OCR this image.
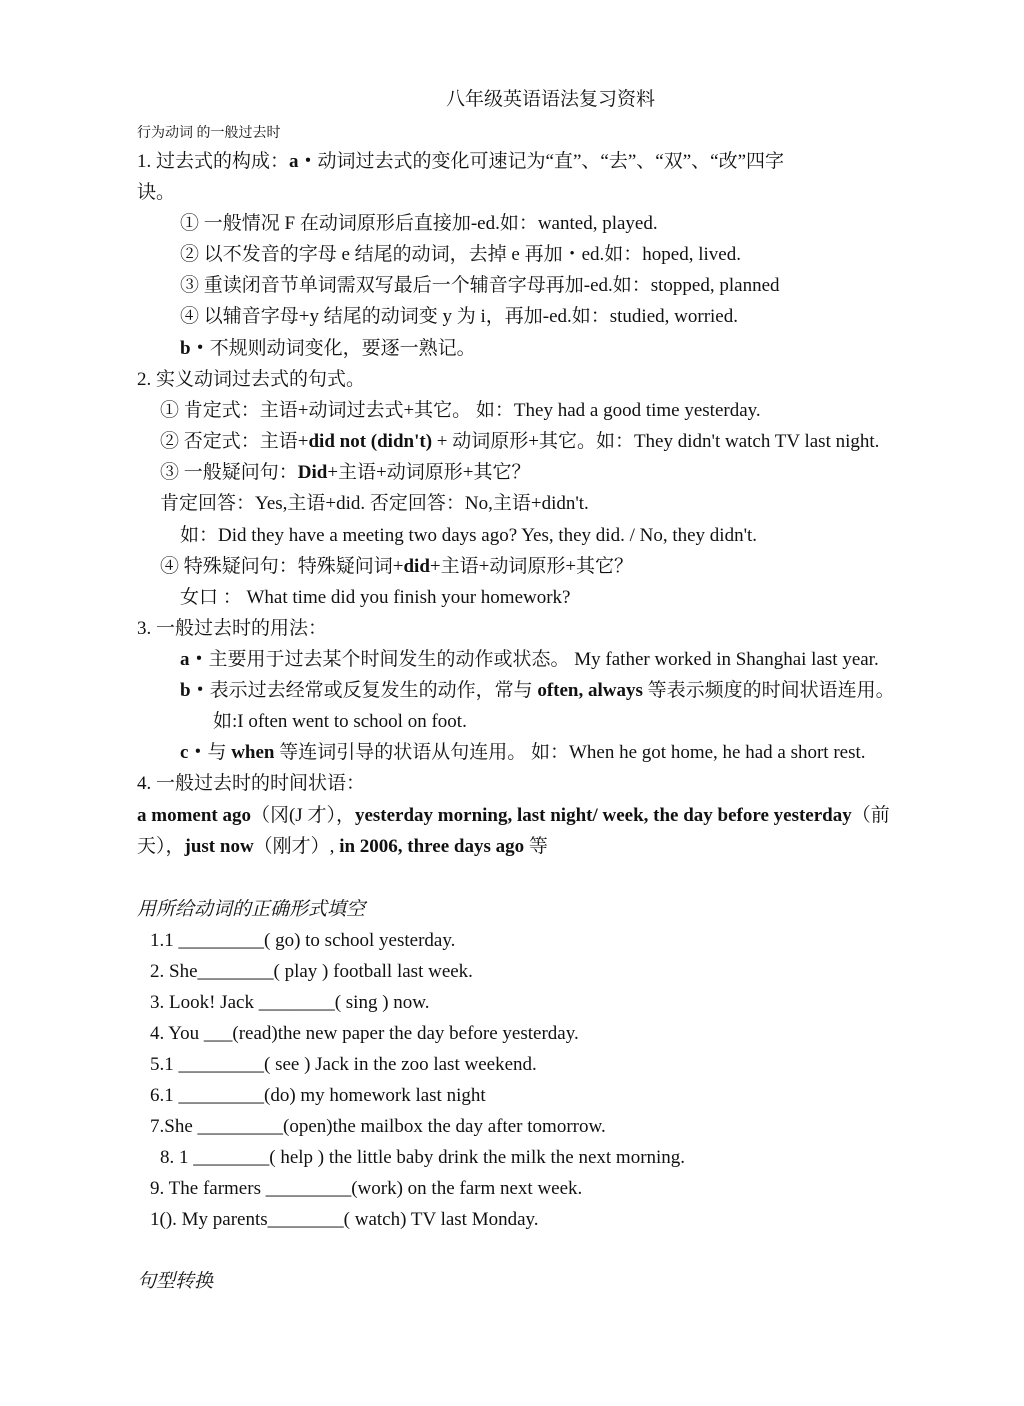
八年级英语语法复习资料
行为动词 的一般过去时
1. 过去式的构成：a・动词过去式的变化可速记为“直”、“去”、“双”、“改”四字
诀。
① 一般情况 F 在动词原形后直接加-ed.如：wanted, played.
② 以不发音的字母 e 结尾的动词，去掉 e 再加・ed.如：hoped, lived.
③ 重读闭音节单词需双写最后一个辅音字母再加-ed.如：stopped, planned
④ 以辅音字母+y 结尾的动词变 y 为 i，再加-ed.如：studied, worried.
b・不规则动词变化，要逐一熟记。
2. 实义动词过去式的句式。
① 肯定式：主语+动词过去式+其它。 如：They had a good time yesterday.
② 否定式：主语+did not (didn't) + 动词原形+其它。如：They didn't watch TV last night.
③ 一般疑问句：Did+主语+动词原形+其它？
肯定回答：Yes,主语+did. 否定回答：No,主语+didn't.
如：Did they have a meeting two days ago? Yes, they did. / No, they didn't.
④ 特殊疑问句：特殊疑问词+did+主语+动词原形+其它？
女口 ： What time did you finish your homework?
3. 一般过去时的用法：
a・主要用于过去某个时间发生的动作或状态。 My father worked in Shanghai last year.
b・表示过去经常或反复发生的动作，常与 often, always 等表示频度的时间状语连用。
如:I often went to school on foot.
c・与 when 等连词引导的状语从句连用。 如：When he got home, he had a short rest.
4. 一般过去时的时间状语：
a moment ago（冈(J 才），yesterday morning, last night/ week, the day before yesterday（前
天），just now（刚才）, in 2006, three days ago 等
用所给动词的正确形式填空
1.1 _________( go) to school yesterday.
2. She________( play ) football last week.
3. Look! Jack ________( sing ) now.
4. You ___(read)the new paper the day before yesterday.
5.1 _________( see ) Jack in the zoo last weekend.
6.1 _________(do) my homework last night
7.She _________(open)the mailbox the day after tomorrow.
8. 1 ________( help ) the little baby drink the milk the next morning.
9. The farmers _________(work) on the farm next week.
1(). My parents________( watch) TV last Monday.
句型转换
